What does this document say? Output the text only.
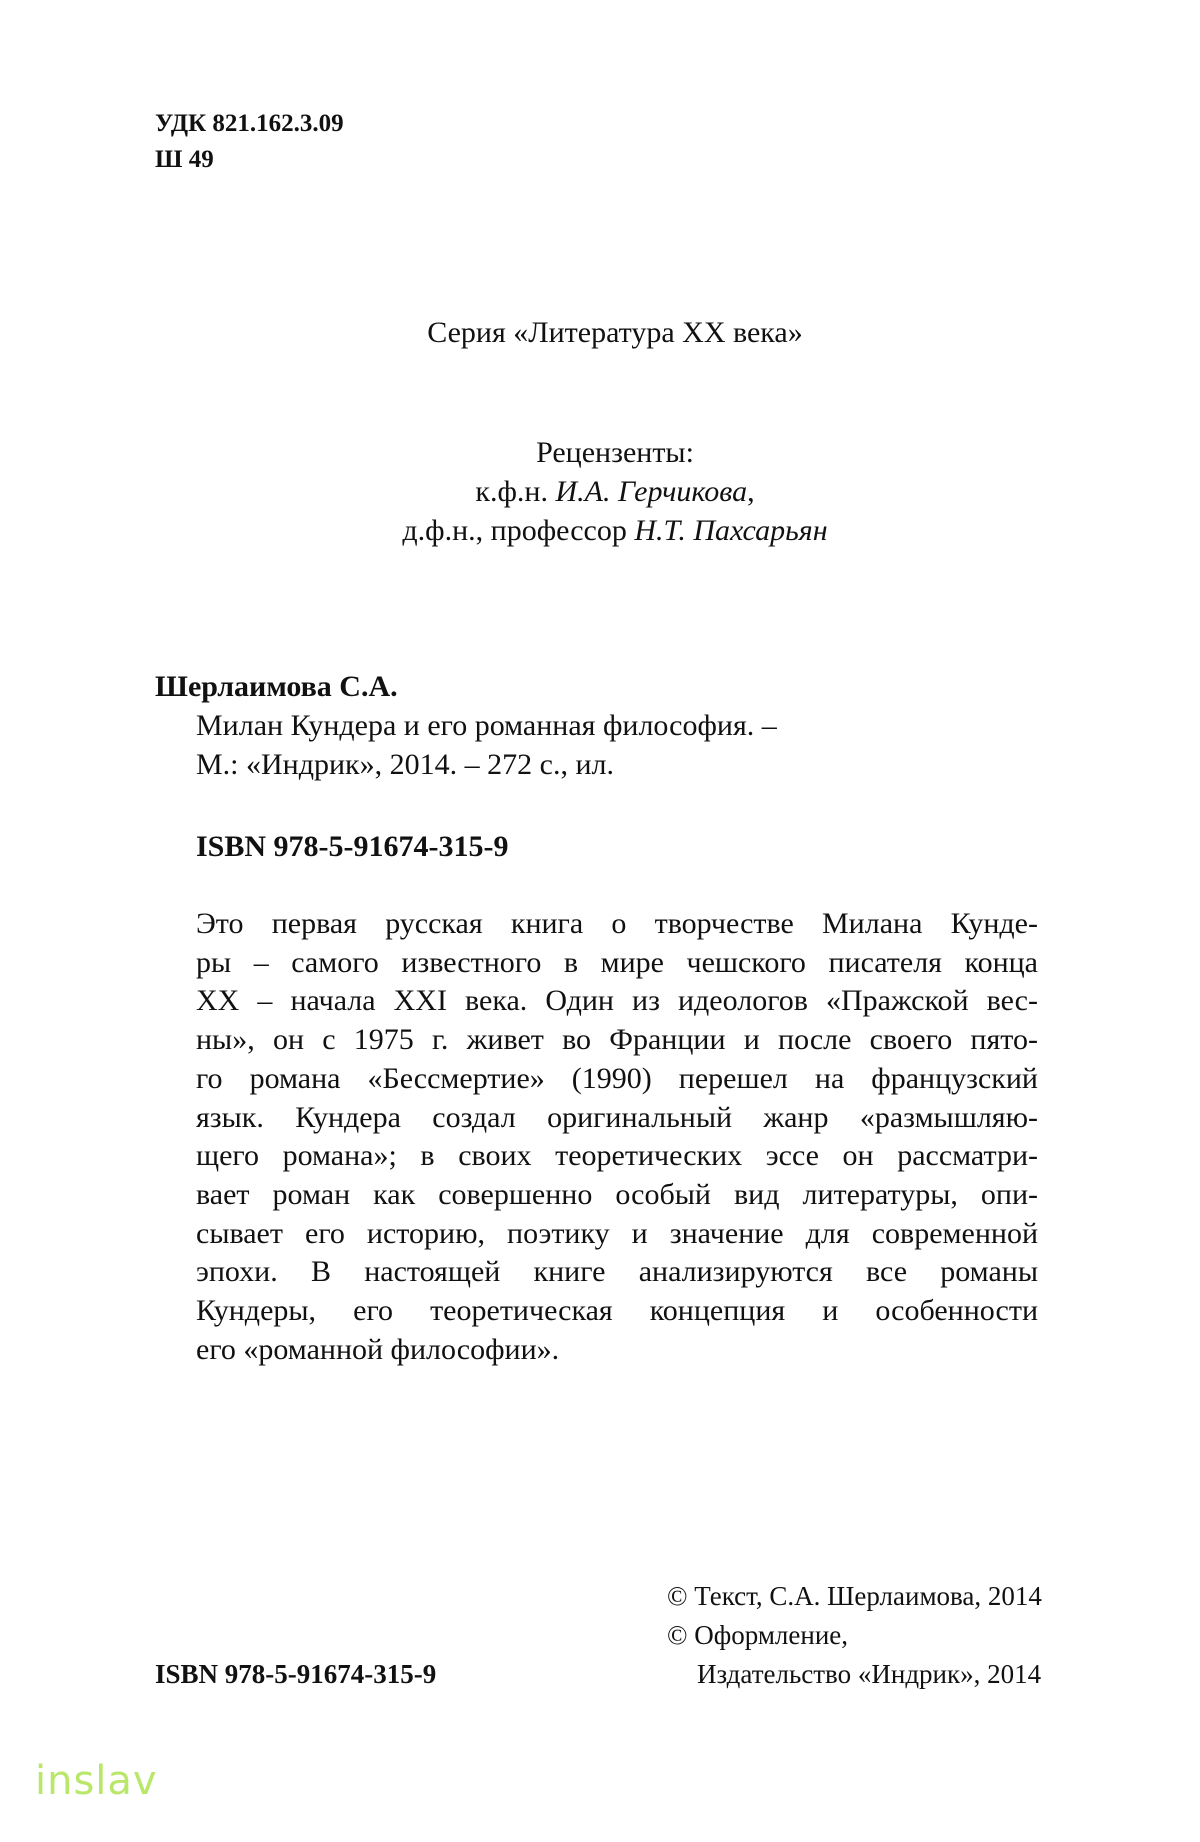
УДК 821.162.3.09
Ш 49
Серия «Литература XX века»
Рецензенты:
к.ф.н. И.А. Герчикова,
д.ф.н., профессор Н.Т. Пахсарьян
Шерлаимова С.А.
Милан Кундера и его романная философия. –
М.: «Индрик», 2014. – 272 с., ил.
ISBN 978-5-91674-315-9
Это первая русская книга о творчестве Милана Кунде-
ры – самого известного в мире чешского писателя конца
XX – начала XXI века. Один из идеологов «Пражской вес-
ны», он с 1975 г. живет во Франции и после своего пято-
го романа «Бессмертие» (1990) перешел на французский
язык. Кундера создал оригинальный жанр «размышляю-
щего романа»; в своих теоретических эссе он рассматри-
вает роман как совершенно особый вид литературы, опи-
сывает его историю, поэтику и значение для современной
эпохи. В настоящей книге анализируются все романы
Кундеры, его теоретическая концепция и особенности
его «романной философии».
© Текст, С.А. Шерлаимова, 2014
© Оформление,
Издательство «Индрик», 2014
ISBN 978-5-91674-315-9
inslav
